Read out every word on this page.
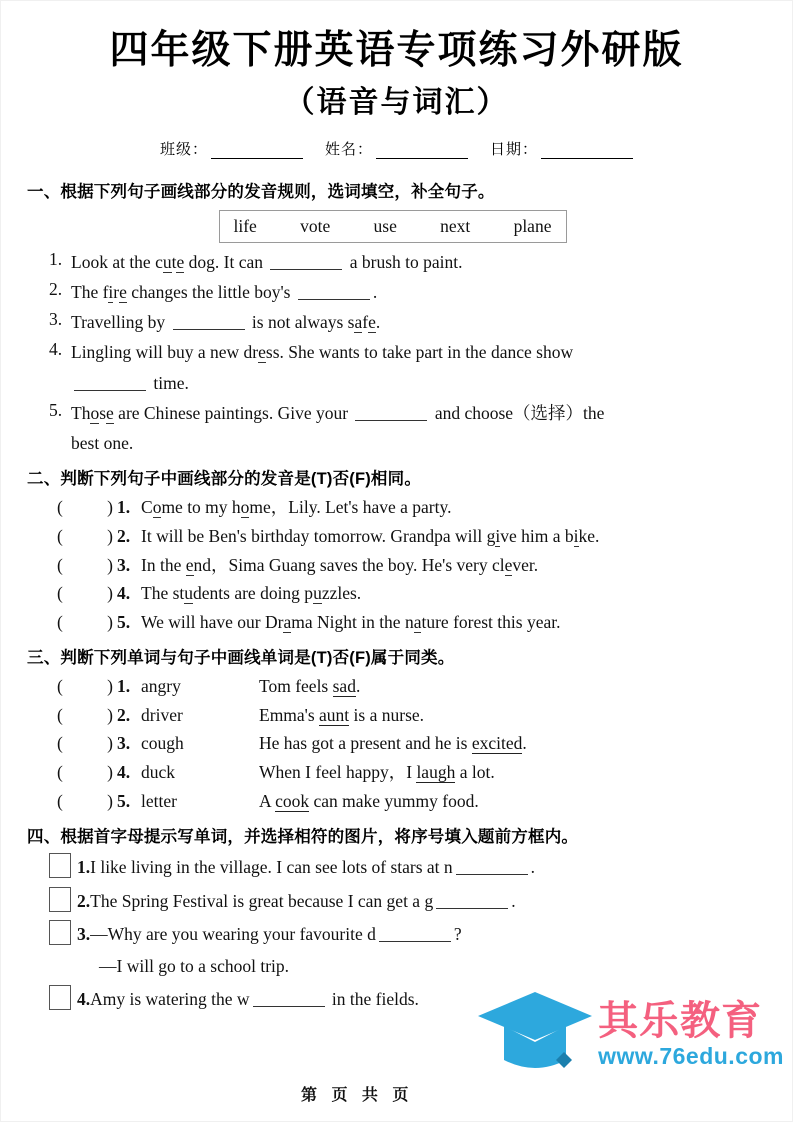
四年级下册英语专项练习外研版
（语音与词汇）
班级：	姓名：	日期：
一、根据下列句子画线部分的发音规则，选词填空，补全句子。
life vote use next plane
1. Look at the cute dog. It can	a brush to paint.
2. The fire changes the little boy's	.
3. Travelling by	is not always safe.
4. Lingling will buy a new dress. She wants to take part in the dance show
time.
5. Those are Chinese paintings. Give your	and choose（选择）the
best one.
二、判断下列句子中画线部分的发音是(T)否(F)相同。
(	) 1. Come to my home，Lily. Let's have a party.
(	) 2. It will be Ben's birthday tomorrow. Grandpa will give him a bike.
(	) 3. In the end，Sima Guang saves the boy. He's very clever.
(	) 4. The students are doing puzzles.
(	) 5. We will have our Drama Night in the nature forest this year.
三、判断下列单词与句子中画线单词是(T)否(F)属于同类。
(	) 1. angry	Tom feels sad.
(	) 2. driver	Emma's aunt is a nurse.
(	) 3. cough	He has got a present and he is excited.
(	) 4. duck	When I feel happy，I laugh a lot.
(	) 5. letter	A cook can make yummy food.
四、根据首字母提示写单词，并选择相符的图片，将序号填入题前方框内。
1.I like living in the village. I can see lots of stars at n	.
2.The Spring Festival is great because I can get a g	.
3.—Why are you wearing your favourite d	?
—I will go to a school trip.
4.Amy is watering the w	in the fields.
第 页 共 页
其乐教育
www.76edu.com
